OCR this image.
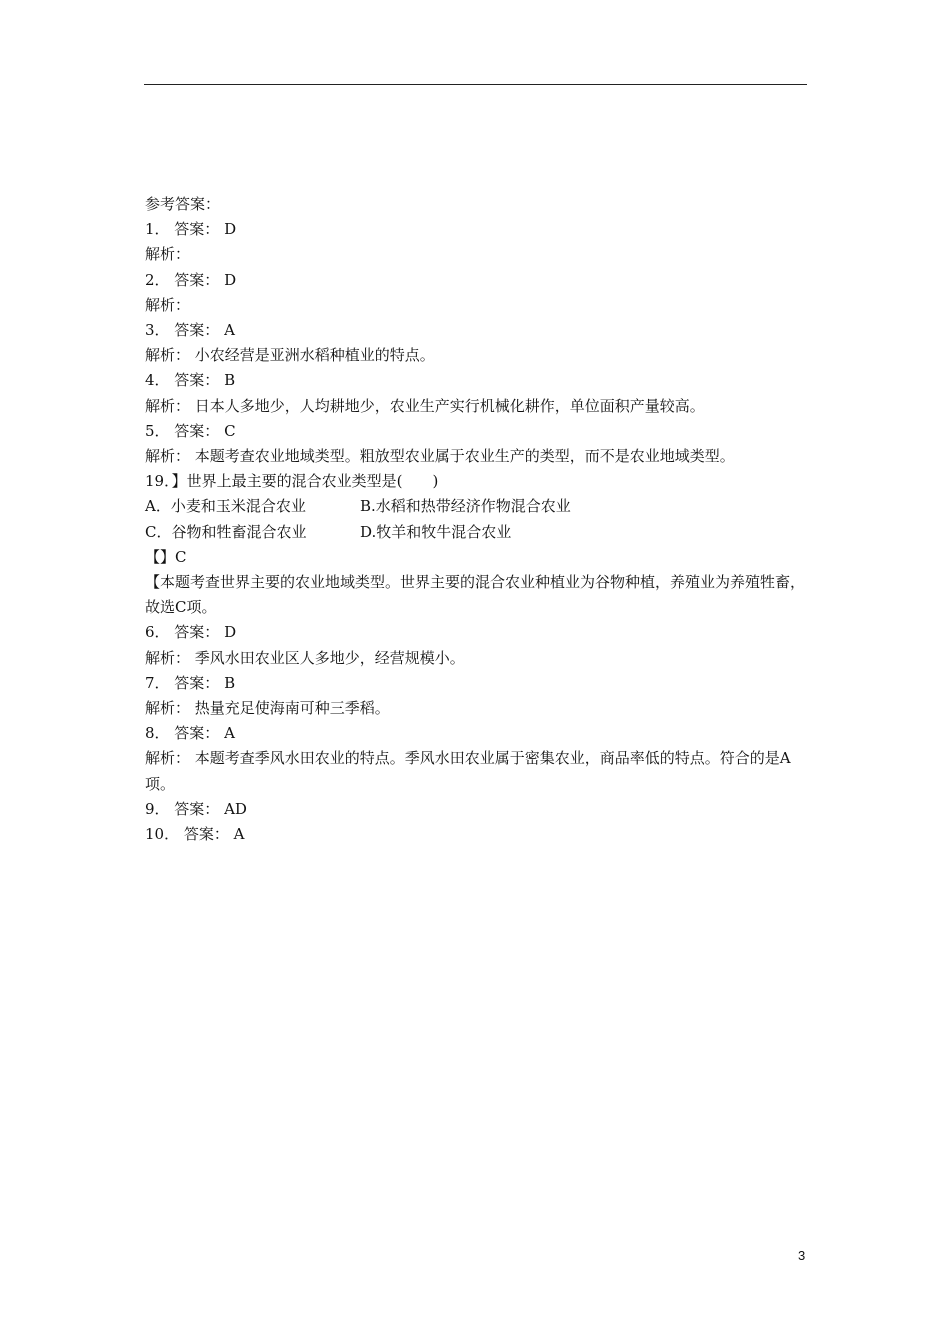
参考答案：

1． 答案： D

解析：

2． 答案： D

解析：

3． 答案： A

解析： 小农经营是亚洲水稻种植业的特点。

4． 答案： B

解析： 日本人多地少，人均耕地少，农业生产实行机械化耕作，单位面积产量较高。

5． 答案： C

解析： 本题考查农业地域类型。粗放型农业属于农业生产的类型，而不是农业地域类型。

19．】世界上最主要的混合农业类型是(　　)

A．小麦和玉米混合农业	B.水稻和热带经济作物混合农业
C．谷物和牲畜混合农业	D.牧羊和牧牛混合农业

【】C

【本题考查世界主要的农业地域类型。世界主要的混合农业种植业为谷物种植，养殖业为养殖牲畜，故选C项。

6． 答案： D

解析： 季风水田农业区人多地少，经营规模小。

7． 答案： B

解析： 热量充足使海南可种三季稻。

8． 答案： A

解析： 本题考查季风水田农业的特点。季风水田农业属于密集农业，商品率低的特点。符合的是A项。

9． 答案： AD

10． 答案： A

3
